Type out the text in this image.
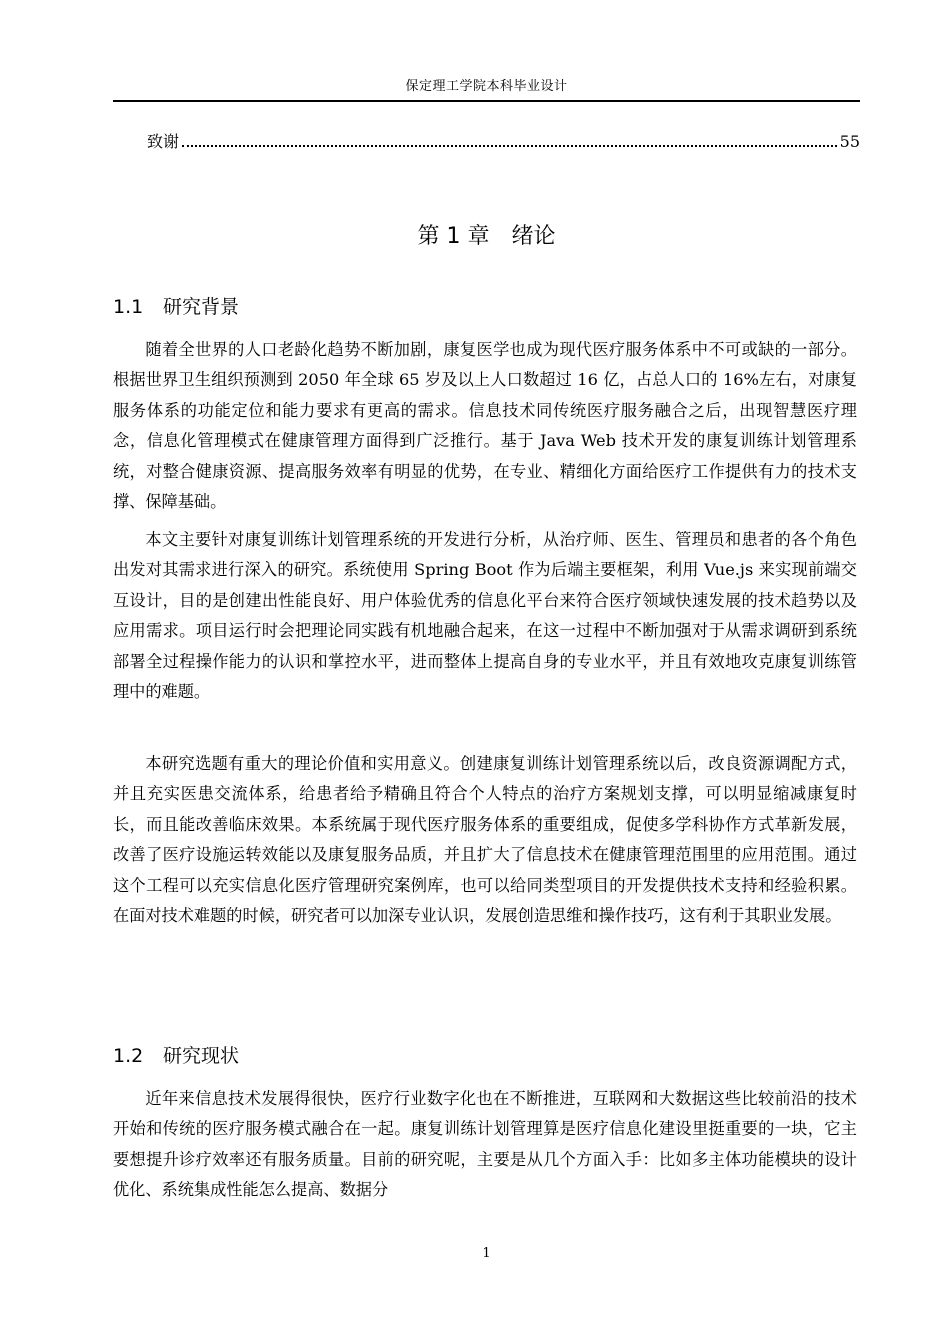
保定理工学院本科毕业设计
致谢	55
第 1 章 绪论
1.1 研究背景

随着全世界的人口老龄化趋势不断加剧，康复医学也成为现代医疗服务体系中不可或缺的一部分。根据世界卫生组织预测到 2050 年全球 65 岁及以上人口数超过 16 亿，占总人口的 16%左右，对康复服务体系的功能定位和能力要求有更高的需求。信息技术同传统医疗服务融合之后，出现智慧医疗理念，信息化管理模式在健康管理方面得到广泛推行。基于 Java Web 技术开发的康复训练计划管理系统，对整合健康资源、提高服务效率有明显的优势，在专业、精细化方面给医疗工作提供有力的技术支撑、保障基础。

本文主要针对康复训练计划管理系统的开发进行分析，从治疗师、医生、管理员和患者的各个角色出发对其需求进行深入的研究。系统使用 Spring Boot 作为后端主要框架，利用 Vue.js 来实现前端交互设计，目的是创建出性能良好、用户体验优秀的信息化平台来符合医疗领域快速发展的技术趋势以及应用需求。项目运行时会把理论同实践有机地融合起来，在这一过程中不断加强对于从需求调研到系统部署全过程操作能力的认识和掌控水平，进而整体上提高自身的专业水平，并且有效地攻克康复训练管理中的难题。

本研究选题有重大的理论价值和实用意义。创建康复训练计划管理系统以后，改良资源调配方式，并且充实医患交流体系，给患者给予精确且符合个人特点的治疗方案规划支撑，可以明显缩减康复时长，而且能改善临床效果。本系统属于现代医疗服务体系的重要组成，促使多学科协作方式革新发展，改善了医疗设施运转效能以及康复服务品质，并且扩大了信息技术在健康管理范围里的应用范围。通过这个工程可以充实信息化医疗管理研究案例库，也可以给同类型项目的开发提供技术支持和经验积累。在面对技术难题的时候，研究者可以加深专业认识，发展创造思维和操作技巧，这有利于其职业发展。

1.2 研究现状

近年来信息技术发展得很快，医疗行业数字化也在不断推进，互联网和大数据这些比较前沿的技术开始和传统的医疗服务模式融合在一起。康复训练计划管理算是医疗信息化建设里挺重要的一块，它主要想提升诊疗效率还有服务质量。目前的研究呢，主要是从几个方面入手：比如多主体功能模块的设计优化、系统集成性能怎么提高、数据分

1
